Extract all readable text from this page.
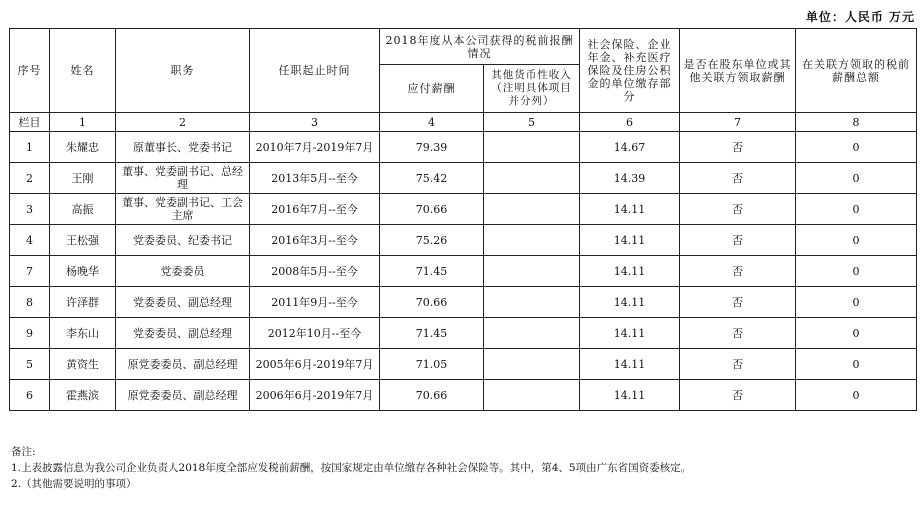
单位：人民币 万元
序号	姓名	职务	任职起止时间	2018年度从本公司获得的税前报酬情况		社会保险、企业年金、补充医疗保险及住房公积金的单位缴存部分	是否在股东单位或其他关联方领取薪酬	在关联方领取的税前薪酬总额
				应付薪酬	其他货币性收入（注明具体项目并分列）			
栏目	1	2	3	4	5	6	7	8
1	朱耀忠	原董事长、党委书记	2010年7月-2019年7月	79.39		14.67	否	0
2	王刚	董事、党委副书记、总经理	2013年5月--至今	75.42		14.39	否	0
3	高振	董事、党委副书记、工会主席	2016年7月--至今	70.66		14.11	否	0
4	王松强	党委委员、纪委书记	2016年3月--至今	75.26		14.11	否	0
7	杨晚华	党委委员	2008年5月--至今	71.45		14.11	否	0
8	许泽群	党委委员、副总经理	2011年9月--至今	70.66		14.11	否	0
9	李东山	党委委员、副总经理	2012年10月--至今	71.45		14.11	否	0
5	黄资生	原党委委员、副总经理	2005年6月-2019年7月	71.05		14.11	否	0
6	霍燕滨	原党委委员、副总经理	2006年6月-2019年7月	70.66		14.11	否	0
备注:
1.上表披露信息为我公司企业负责人2018年度全部应发税前薪酬，按国家规定由单位缴存各种社会保险等。其中，第4、5项由广东省国资委核定。
2.（其他需要说明的事项）
